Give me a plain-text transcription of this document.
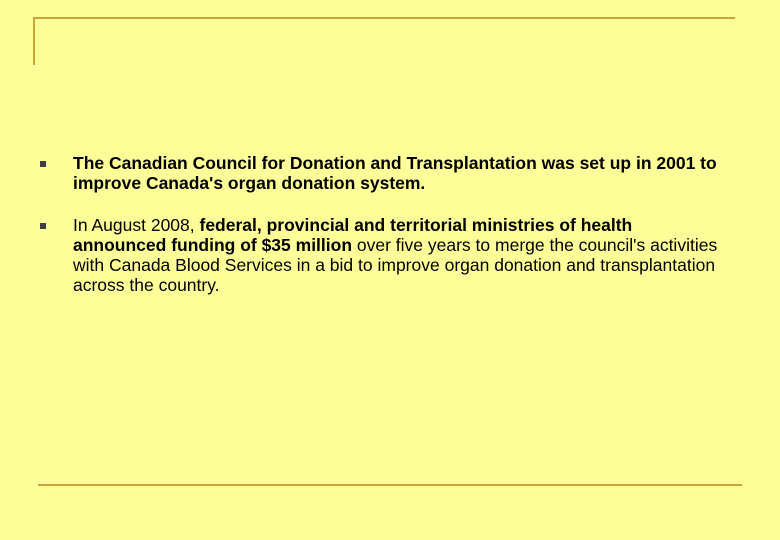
The Canadian Council for Donation and Transplantation was set up in 2001 to improve Canada's organ donation system.
In August 2008, federal, provincial and territorial ministries of health announced funding of $35 million over five years to merge the council's activities with Canada Blood Services in a bid to improve organ donation and transplantation across the country.
